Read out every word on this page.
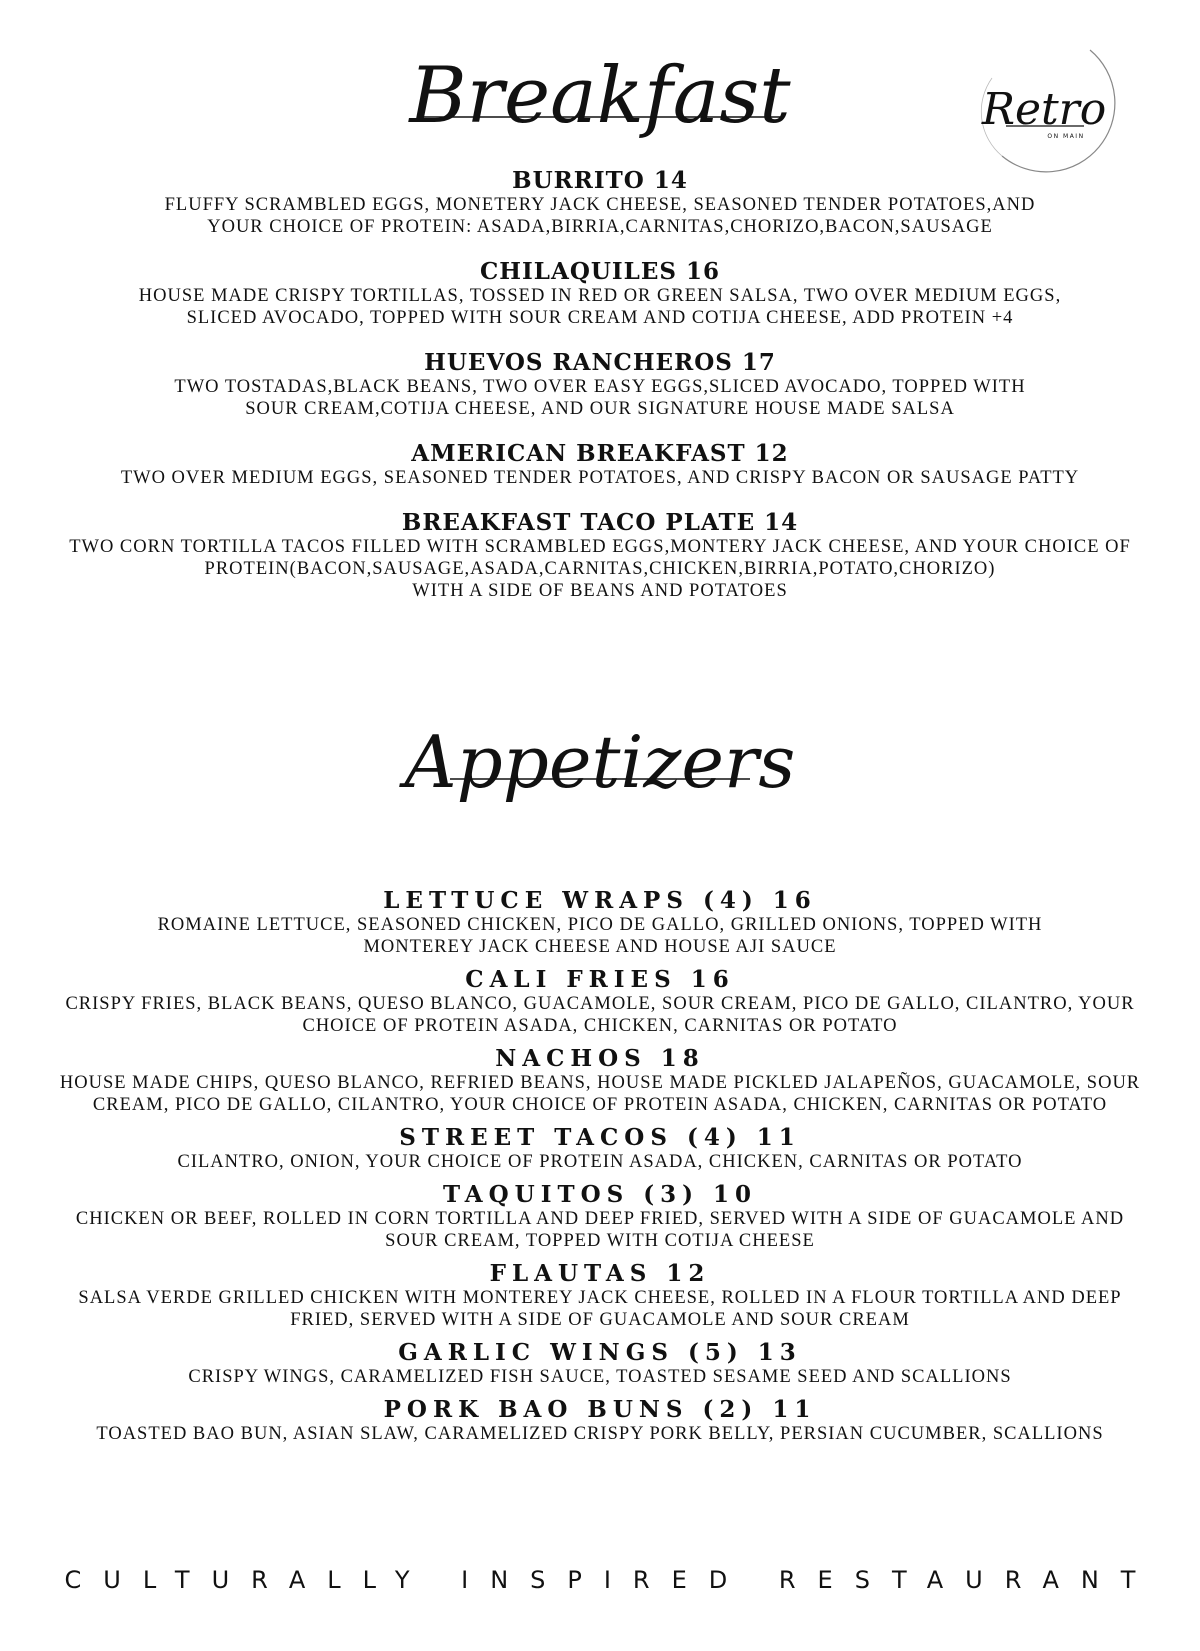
Breakfast	Retro
ON MAIN

BURRITO 14

FLUFFY SCRAMBLED EGGS, MONETERY JACK CHEESE, SEASONED TENDER POTATOES,AND

YOUR CHOICE OF PROTEIN: ASADA,BIRRIA,CARNITAS,CHORIZO,BACON,SAUSAGE

CHILAQUILES 16

HOUSE MADE CRISPY TORTILLAS, TOSSED IN RED OR GREEN SALSA, TWO OVER MEDIUM EGGS,

SLICED AVOCADO, TOPPED WITH SOUR CREAM AND COTIJA CHEESE, ADD PROTEIN +4

HUEVOS RANCHEROS 17

TWO TOSTADAS,BLACK BEANS, TWO OVER EASY EGGS,SLICED AVOCADO, TOPPED WITH

SOUR CREAM,COTIJA CHEESE, AND OUR SIGNATURE HOUSE MADE SALSA

AMERICAN BREAKFAST 12

TWO OVER MEDIUM EGGS, SEASONED TENDER POTATOES, AND CRISPY BACON OR SAUSAGE PATTY

BREAKFAST TACO PLATE 14

TWO CORN TORTILLA TACOS FILLED WITH SCRAMBLED EGGS,MONTERY JACK CHEESE, AND YOUR CHOICE OF

PROTEIN(BACON,SAUSAGE,ASADA,CARNITAS,CHICKEN,BIRRIA,POTATO,CHORIZO)

WITH A SIDE OF BEANS AND POTATOES

Appetizers

LETTUCE WRAPS (4) 16

ROMAINE LETTUCE, SEASONED CHICKEN, PICO DE GALLO, GRILLED ONIONS, TOPPED WITH

MONTEREY JACK CHEESE AND HOUSE AJI SAUCE

CALI FRIES 16

CRISPY FRIES, BLACK BEANS, QUESO BLANCO, GUACAMOLE, SOUR CREAM, PICO DE GALLO, CILANTRO, YOUR

CHOICE OF PROTEIN ASADA, CHICKEN, CARNITAS OR POTATO

NACHOS 18

HOUSE MADE CHIPS, QUESO BLANCO, REFRIED BEANS, HOUSE MADE PICKLED JALAPEÑOS, GUACAMOLE, SOUR

CREAM, PICO DE GALLO, CILANTRO, YOUR CHOICE OF PROTEIN ASADA, CHICKEN, CARNITAS OR POTATO

STREET TACOS (4) 11

CILANTRO, ONION, YOUR CHOICE OF PROTEIN ASADA, CHICKEN, CARNITAS OR POTATO

TAQUITOS (3) 10

CHICKEN OR BEEF, ROLLED IN CORN TORTILLA AND DEEP FRIED, SERVED WITH A SIDE OF GUACAMOLE AND

SOUR CREAM, TOPPED WITH COTIJA CHEESE

FLAUTAS 12

SALSA VERDE GRILLED CHICKEN WITH MONTEREY JACK CHEESE, ROLLED IN A FLOUR TORTILLA AND DEEP

FRIED, SERVED WITH A SIDE OF GUACAMOLE AND SOUR CREAM

GARLIC WINGS (5) 13

CRISPY WINGS, CARAMELIZED FISH SAUCE, TOASTED SESAME SEED AND SCALLIONS

PORK BAO BUNS (2) 11

TOASTED BAO BUN, ASIAN SLAW, CARAMELIZED CRISPY PORK BELLY, PERSIAN CUCUMBER, SCALLIONS

CULTURALLY INSPIRED RESTAURANT
